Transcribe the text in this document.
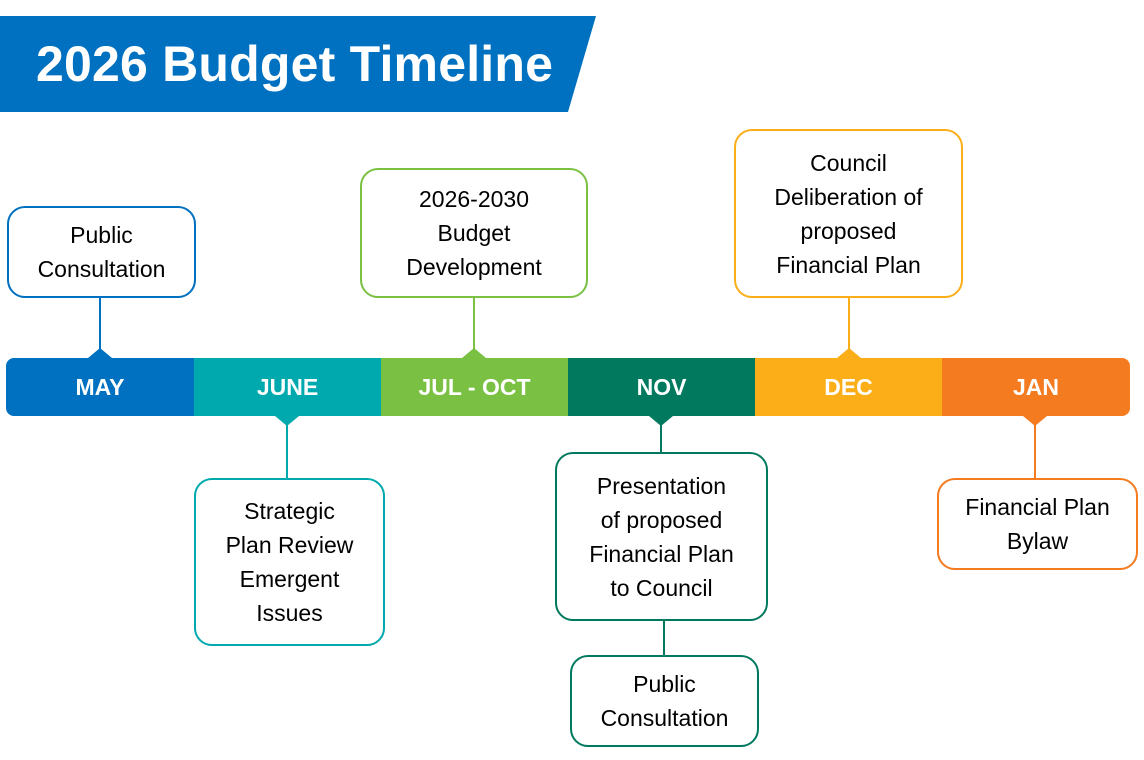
2026 Budget Timeline
MAY	JUNE	JUL - OCT	NOV	DEC	JAN
Public
Consultation
2026-2030
Budget
Development
Council
Deliberation of
proposed
Financial Plan
Strategic
Plan Review
Emergent
Issues
Presentation
of proposed
Financial Plan
to Council
Public
Consultation
Financial Plan
Bylaw
